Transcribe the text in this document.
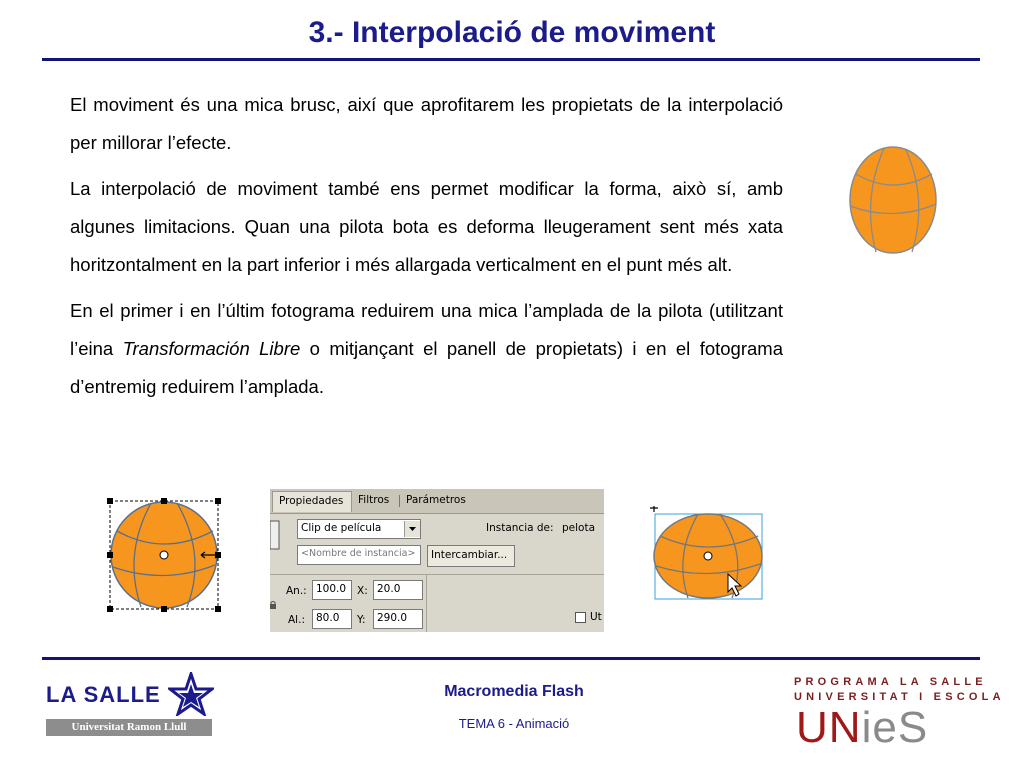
3.- Interpolació de moviment

El moviment és una mica brusc, així que aprofitarem les propietats de la interpolació per millorar l’efecte.

La interpolació de moviment també ens permet modificar la forma, això sí, amb algunes limitacions. Quan una pilota bota es deforma lleugerament sent més xata horitzontalment en la part inferior i més allargada verticalment en el punt més alt.

En el primer i en l’últim fotograma reduirem una mica l’amplada de la pilota (utilitzant l’eina Transformación Libre o mitjançant el panell de propietats) i en el fotograma d’entremig reduirem l’amplada.

Propiedades	Filtros Parámetros
Clip de película
<Nombre de instancia>	Intercambiar...
Instancia de: pelota
An.: 100.0	X: 20.0
Al.:	80.0	Y:	290.0	Ut
LA SALLE
Universitat Ramon Llull
Macromedia Flash
TEMA 6 - Animació
PROGRAMA LA SALLE
UNIVERSITAT I ESCOLA
UNieS
